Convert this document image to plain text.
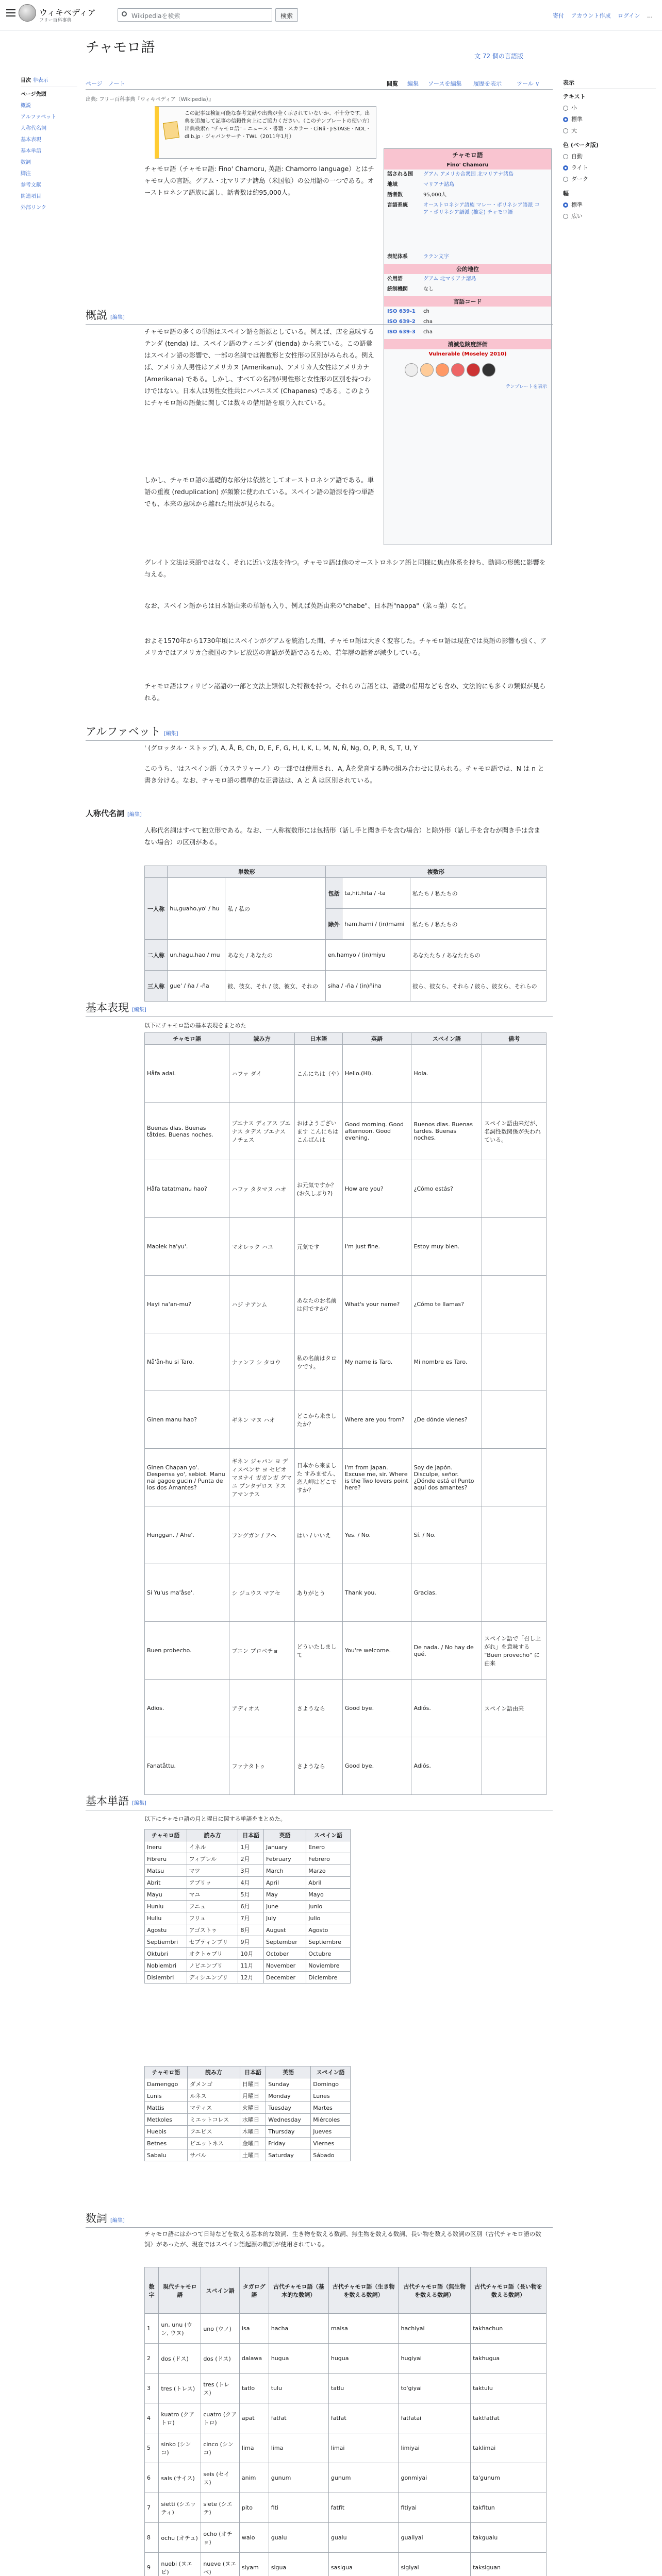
ウィキペディア
フリー百科事典
Wikipediaを検索	検索	寄付 アカウント作成 ログイン …
目次 非表示
ページ先頭
概説
アルファベット
人称代名詞
基本表現
基本単語
数詞
脚注
参考文献
関連項目
外部リンク
チャモロ語
文 72 個の言語版
ページ ノート	閲覧 編集 ソースを編集 履歴を表示	ツール ∨
出典: フリー百科事典『ウィキペディア（Wikipedia）』
この記事は検証可能な参考文献や出典が全く示されていないか、不十分です。出典を追加して記事の信頼性向上にご協力ください。（このテンプレートの使い方）出典検索?: "チャモロ語" – ニュース · 書籍 · スカラー · CiNii · J-STAGE · NDL · dlib.jp · ジャパンサーチ · TWL（2011年1月）
チャモロ語
Fino' Chamoru
話される国	グアム アメリカ合衆国 北マリアナ諸島
地域	マリアナ諸島
話者数	95,000人
言語系統	オーストロネシア語族 マレー・ポリネシア語派 コア・ポリネシア語派 (推定) チャモロ語
表記体系	ラテン文字
公的地位
公用語	グアム 北マリアナ諸島
統制機関	なし
言語コード
ISO 639-1	ch
ISO 639-2	cha
ISO 639-3	cha
消滅危険度評価
Vulnerable (Moseley 2010)
テンプレートを表示
表示
テキスト
小
標準
大
色 (ベータ版)
自動
ライト
ダーク
幅
標準
広い
チャモロ語（チャモロ語: Fino' Chamoru, 英語: Chamorro language）とはチャモロ人の言語。グアム・北マリアナ諸島（米国領）の公用語の一つである。オーストロネシア語族に属し、話者数は約95,000人。
概説 [編集]
チャモロ語の多くの単語はスペイン語を語源としている。例えば、店を意味するテンダ (tenda) は、スペイン語のティエンダ (tienda) から来ている。この語彙はスペイン語の影響で、一部の名詞では複数形と女性形の区別がみられる。例えば、アメリカ人男性はアメリカヌ (Amerikanu)、アメリカ人女性はアメリカナ (Amerikana) である。しかし、すべての名詞が男性形と女性形の区別を持つわけではない。日本人は男性女性共にハパニスズ (Chapanes) である。このようにチャモロ語の語彙に関しては数々の借用語を取り入れている。
しかし、チャモロ語の基礎的な部分は依然としてオーストロネシア語である。単語の重複 (reduplication) が頻繁に使われている。スペイン語の語源を持つ単語でも、本来の意味から離れた用法が見られる。
グレイト文法は英語ではなく、それに近い文法を持つ。チャモロ語は他のオーストロネシア語と同様に焦点体系を持ち、動詞の形態に影響を与える。
なお、スペイン語からは日本語由来の単語も入り、例えば英語由来の"chabe"、日本語"nappa"（菜っ葉）など。
およそ1570年から1730年頃にスペインがグアムを統治した間、チャモロ語は大きく変容した。チャモロ語は現在では英語の影響も強く、アメリカではアメリカ合衆国のテレビ放送の言語が英語であるため、若年層の話者が減少している。
チャモロ語はフィリピン諸語の一部と文法上類似した特徴を持つ。それらの言語とは、語彙の借用なども含め、文法的にも多くの類似が見られる。
アルファベット [編集]
' (グロッタル・ストップ), A, Å, B, Ch, D, E, F, G, H, I, K, L, M, N, Ñ, Ng, O, P, R, S, T, U, Y
このうち、'はスペイン語（カステリャーノ）の一部では使用され、A, Åを発音する時の組み合わせに見られる。チャモロ語では、N は n と書き分ける。なお、チャモロ語の標準的な正書法は、A と Å は区別されている。
人称代名詞 [編集]
人称代名詞はすべて独立形である。なお、一人称複数形には包括形（話し手と聞き手を含む場合）と除外形（話し手を含むが聞き手は含まない場合）の区別がある。
	単数形		複数形		
一人称	hu,guaho,yo' / hu	私 / 私の	包括	ta,hit,hita / -ta	私たち / 私たちの
			除外	ham,hami / (in)mami	私たち / 私たちの
二人称	un,hagu,hao / mu	あなた / あなたの	en,hamyo / (in)miyu		あなたたち / あなたたちの
三人称	gue' / ña / -ña	彼、彼女、それ / 彼、彼女、それの	siha / -ña / (in)ñiha		彼ら、彼女ら、それら / 彼ら、彼女ら、それらの
基本表現 [編集]
以下にチャモロ語の基本表現をまとめた
チャモロ語	読み方	日本語	英語	スペイン語	備考
Håfa adai.	ハファ ダイ	こんにちは（や）	Hello.(Hi).	Hola.	
Buenas dias. Buenas tåtdes. Buenas noches.	ブエナス ディアス ブエナス タデス ブエナス ノチェス	おはようございます こんにちは こんばんは	Good morning. Good afternoon. Good evening.	Buenos dias. Buenas tardes. Buenas noches.	スペイン語由来だが、名詞性数関係が失われている。
Håfa tatatmanu hao?	ハファ タタマヌ ハオ	お元気ですか？(お久しぶり?)	How are you?	¿Cómo estás?	
Maolek ha'yu'.	マオレック ハユ	元気です	I'm just fine.	Estoy muy bien.	
Hayi na'an-mu?	ハジ ナアンム	あなたのお名前は何ですか？	What's your name?	¿Cómo te llamas?	
Nå'ån-hu si Taro.	ナァンフ シ タロウ	私の名前はタロウです。	My name is Taro.	Mi nombre es Taro.	
Ginen manu hao?	ギネン マヌ ハオ	どこから来ましたか？	Where are you from?	¿De dónde vienes?	
Ginen Chapan yo'. Despensa yo', sebiot. Manu nai gagoe gucin / Punta de los dos Amantes?	ギネン ジャパン ヨ ディスペンサ ヨ セビオ マヌナイ ガガンガ グマ ニ プンタデロス ドス アマンテス	日本から来ました すみません、恋人岬はどこですか？	I'm from Japan. Excuse me, sir. Where is the Two lovers point here?	Soy de Japón. Disculpe, señor. ¿Dónde está el Punto aquí dos amantes?	
Hunggan. / Ahe'.	フングガン / アヘ	はい / いいえ	Yes. / No.	Sí. / No.	
Si Yu'us ma'åse'.	シ ジュウス マアセ	ありがとう	Thank you.	Gracias.	
Buen probecho.	ブエン プロベチョ	どういたしまして	You're welcome.	De nada. / No hay de qué.	スペイン語で「召し上がれ」を意味する "Buen provecho" に由来
Adios.	アディオス	さようなら	Good bye.	Adiós.	スペイン語由来
Fanatåttu.	ファナタトゥ	さようなら	Good bye.	Adiós.	
基本単語 [編集]
以下にチャモロ語の月と曜日に関する単語をまとめた。
チャモロ語	読み方	日本語	英語	スペイン語
Ineru	イネル	1月	January	Enero
Fibreru	フィブレル	2月	February	Febrero
Matsu	マツ	3月	March	Marzo
Abrit	アブリッ	4月	April	Abril
Mayu	マユ	5月	May	Mayo
Huniu	フニュ	6月	June	Junio
Huliu	フリュ	7月	July	Julio
Agostu	アゴストゥ	8月	August	Agosto
Septiembri	セプティンブリ	9月	September	Septiembre
Oktubri	オクトゥブリ	10月	October	Octubre
Nobiembri	ノビエンブリ	11月	November	Noviembre
Disiembri	ディシエンブリ	12月	December	Diciembre
チャモロ語	読み方	日本語	英語	スペイン語
Damenggo	ダメンゴ	日曜日	Sunday	Domingo
Lunis	ルネス	月曜日	Monday	Lunes
Mattis	マティス	火曜日	Tuesday	Martes
Metkoles	ミエットコレス	水曜日	Wednesday	Miércoles
Huebis	フエビス	木曜日	Thursday	Jueves
Betnes	ビエットネス	金曜日	Friday	Viernes
Sabalu	サバル	土曜日	Saturday	Sábado
数詞 [編集]
チャモロ語にはかつて日時などを数える基本的な数詞、生き物を数える数詞、無生物を数える数詞、長い物を数える数詞の区別（古代チャモロ語の数詞）があったが、現在ではスペイン語起源の数詞が使用されている。
数字	現代チャモロ語	スペイン語	タガログ語	古代チャモロ語（基本的な数詞）	古代チャモロ語（生き物を数える数詞）	古代チャモロ語（無生物を数える数詞）	古代チャモロ語（長い物を数える数詞）
1	un, unu (ウン, ウヌ)	uno (ウノ)	isa	hacha	maisa	hachiyai	takhachun
2	dos (ドス)	dos (ドス)	dalawa	hugua	hugua	hugiyai	takhugua
3	tres (トレス)	tres (トレス)	tatlo	tulu	tatlu	to'giyai	taktulu
4	kuatro (クアトロ)	cuatro (クアトロ)	apat	fatfat	fatfat	fatfatai	taktfatfat
5	sinko (シンコ)	cinco (シンコ)	lima	lima	limai	limiyai	taklimai
6	sais (サイス)	seis (セイス)	anim	gunum	gunum	gonmiyai	ta'gunum
7	sietti (シエッティ)	siete (シエテ)	pito	fiti	fatfit	fitiyai	takfitun
8	ochu (オチュ)	ocho (オチョ)	walo	gualu	gualu	gualiyai	takgualu
9	nuebi (ヌエビ)	nueve (ヌエベ)	siyam	sigua	sasigua	sigiyai	taksiguan
